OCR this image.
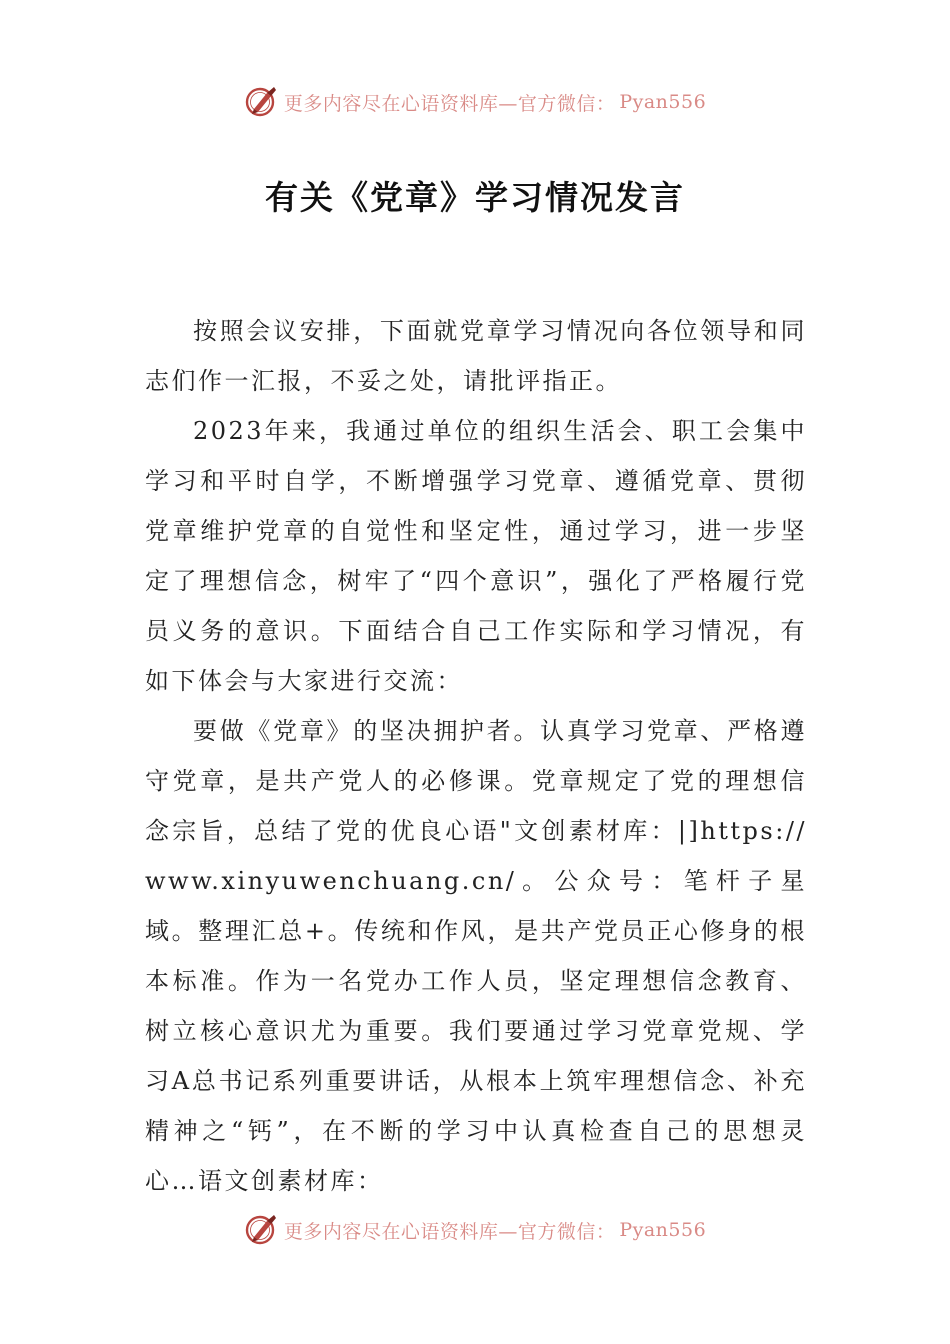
更多内容尽在心语资料库—官方微信： Pyan556
有关《党章》学习情况发言

按照会议安排，下面就党章学习情况向各位领导和同志们作一汇报，不妥之处，请批评指正。

2023年来，我通过单位的组织生活会、职工会集中学习和平时自学，不断增强学习党章、遵循党章、贯彻党章维护党章的自觉性和坚定性，通过学习，进一步坚定了理想信念，树牢了“四个意识”，强化了严格履行党员义务的意识。下面结合自己工作实际和学习情况，有如下体会与大家进行交流：

要做《党章》的坚决拥护者。认真学习党章、严格遵守党章，是共产党人的必修课。党章规定了党的理想信念宗旨，总结了党的优良心语"文创素材库：|]https://www.xinyuwenchuang.cn/。公众号：笔杆子星域。整理汇总+。传统和作风，是共产党员正心修身的根本标准。作为一名党办工作人员，坚定理想信念教育、树立核心意识尤为重要。我们要通过学习党章党规、学习A总书记系列重要讲话，从根本上筑牢理想信念、补充精神之“钙”，在不断的学习中认真检查自己的思想灵心…语文创素材库：

更多内容尽在心语资料库—官方微信： Pyan556
